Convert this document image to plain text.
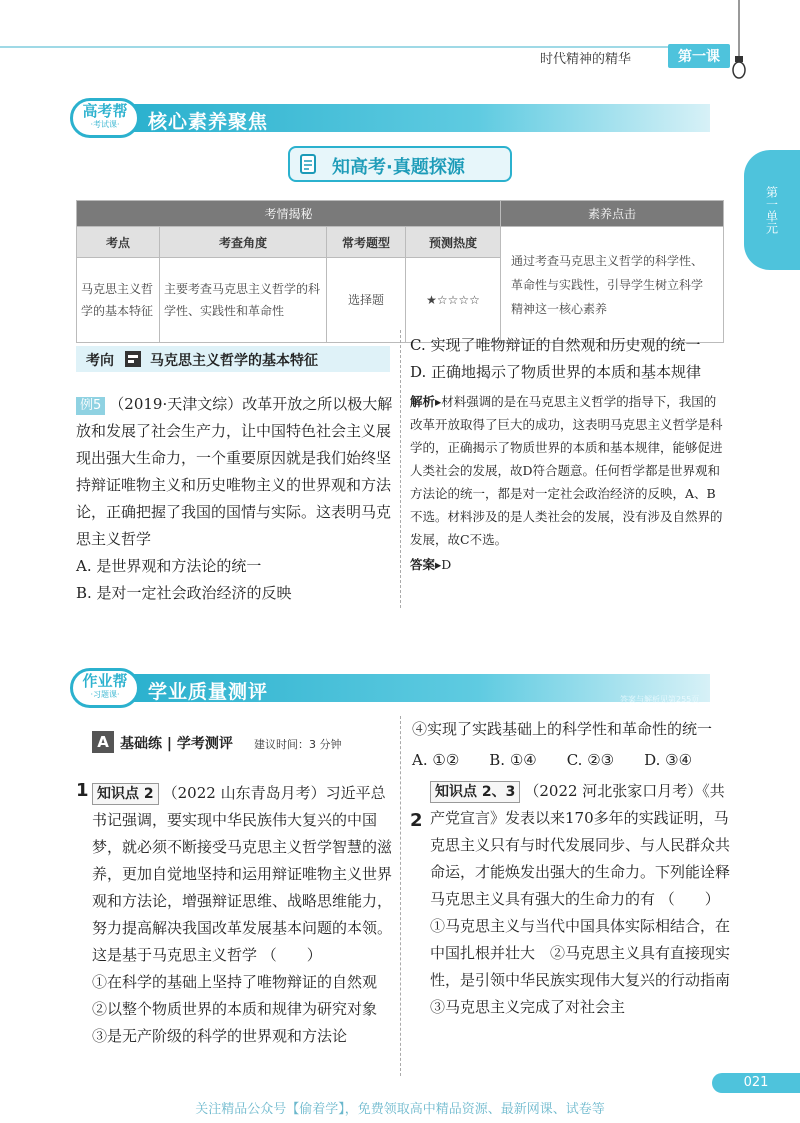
时代精神的精华	第一课
第一单元
高考帮
·考试课·	核心素养聚焦
知高考·真题探源
考情揭秘				素养点击
考点	考查角度	常考题型	预测热度	通过考查马克思主义哲学的科学性、革命性与实践性，引导学生树立科学精神这一核心素养
马克思主义哲学的基本特征	主要考查马克思主义哲学的科学性、实践性和革命性	选择题	★☆☆☆☆	
考向	马克思主义哲学的基本特征
例5 （2019·天津文综）改革开放之所以极大解放和发展了社会生产力，让中国特色社会主义展现出强大生命力，一个重要原因就是我们始终坚持辩证唯物主义和历史唯物主义的世界观和方法论，正确把握了我国的国情与实际。这表明马克思主义哲学
A. 是世界观和方法论的统一
B. 是对一定社会政治经济的反映
C. 实现了唯物辩证的自然观和历史观的统一
D. 正确地揭示了物质世界的本质和基本规律
解析▸材料强调的是在马克思主义哲学的指导下，我国的改革开放取得了巨大的成功，这表明马克思主义哲学是科学的，正确揭示了物质世界的本质和基本规律，能够促进人类社会的发展，故D符合题意。任何哲学都是世界观和方法论的统一，都是对一定社会政治经济的反映，A、B不选。材料涉及的是人类社会的发展，没有涉及自然界的发展，故C不选。
答案▸D
作业帮
·习题课·	学业质量测评	答案与解析见第255页
A 基础练 | 学考测评 建议时间：3 分钟
1 知识点 2 （2022 山东青岛月考）习近平总书记强调，要实现中华民族伟大复兴的中国梦，就必须不断接受马克思主义哲学智慧的滋养，更加自觉地坚持和运用辩证唯物主义世界观和方法论，增强辩证思维、战略思维能力，努力提高解决我国改革发展基本问题的本领。这是基于马克思主义哲学 （　　）
①在科学的基础上坚持了唯物辩证的自然观
②以整个物质世界的本质和规律为研究对象
③是无产阶级的科学的世界观和方法论
④实现了实践基础上的科学性和革命性的统一
A. ①②　　B. ①④　　C. ②③　　D. ③④
知识点 2、3 （2022 河北张家口月考）《共产党宣言》发表以来170多年的实践证明，马克思主义只有与时代发展同步、与人民群众共命运，才能焕发出强大的生命力。下列能诠释马克思主义具有强大的生命力的有 （　　）
①马克思主义与当代中国具体实际相结合，在中国扎根并壮大　②马克思主义具有直接现实性，是引领中华民族实现伟大复兴的行动指南　③马克思主义完成了对社会主
2
021
关注精品公众号【偷着学】，免费领取高中精品资源、最新网课、试卷等
